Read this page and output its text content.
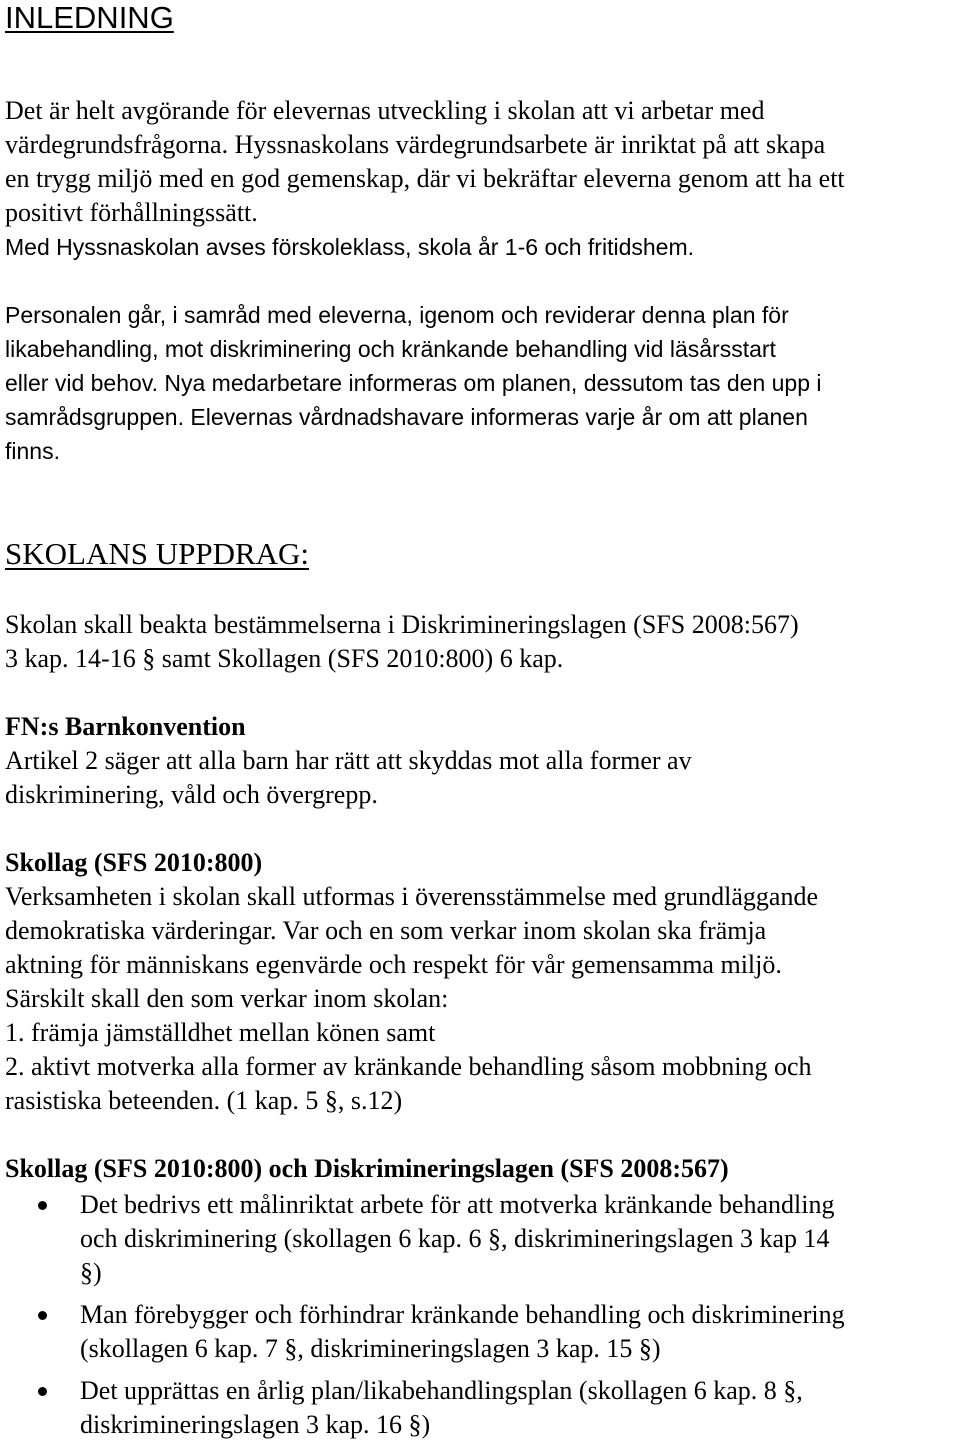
INLEDNING

Det är helt avgörande för elevernas utveckling i skolan att vi arbetar med
värdegrundsfrågorna. Hyssnaskolans värdegrundsarbete är inriktat på att skapa
en trygg miljö med en god gemenskap, där vi bekräftar eleverna genom att ha ett
positivt förhållningssätt.

Med Hyssnaskolan avses förskoleklass, skola år 1-6 och fritidshem.

Personalen går, i samråd med eleverna, igenom och reviderar denna plan för
likabehandling, mot diskriminering och kränkande behandling vid läsårsstart
eller vid behov. Nya medarbetare informeras om planen, dessutom tas den upp i
samrådsgruppen. Elevernas vårdnadshavare informeras varje år om att planen
finns.

SKOLANS UPPDRAG:

Skolan skall beakta bestämmelserna i Diskrimineringslagen (SFS 2008:567)
3 kap. 14-16 § samt Skollagen (SFS 2010:800) 6 kap.

FN:s Barnkonvention
Artikel 2 säger att alla barn har rätt att skyddas mot alla former av
diskriminering, våld och övergrepp.

Skollag (SFS 2010:800)
Verksamheten i skolan skall utformas i överensstämmelse med grundläggande
demokratiska värderingar. Var och en som verkar inom skolan ska främja
aktning för människans egenvärde och respekt för vår gemensamma miljö.
Särskilt skall den som verkar inom skolan:
1. främja jämställdhet mellan könen samt
2. aktivt motverka alla former av kränkande behandling såsom mobbning och
rasistiska beteenden. (1 kap. 5 §, s.12)

Skollag (SFS 2010:800) och Diskrimineringslagen (SFS 2008:567)

Det bedrivs ett målinriktat arbete för att motverka kränkande behandling
och diskriminering (skollagen 6 kap. 6 §, diskrimineringslagen 3 kap 14
§)
Man förebygger och förhindrar kränkande behandling och diskriminering
(skollagen 6 kap. 7 §, diskrimineringslagen 3 kap. 15 §)
Det upprättas en årlig plan/likabehandlingsplan (skollagen 6 kap. 8 §,
diskrimineringslagen 3 kap. 16 §)
